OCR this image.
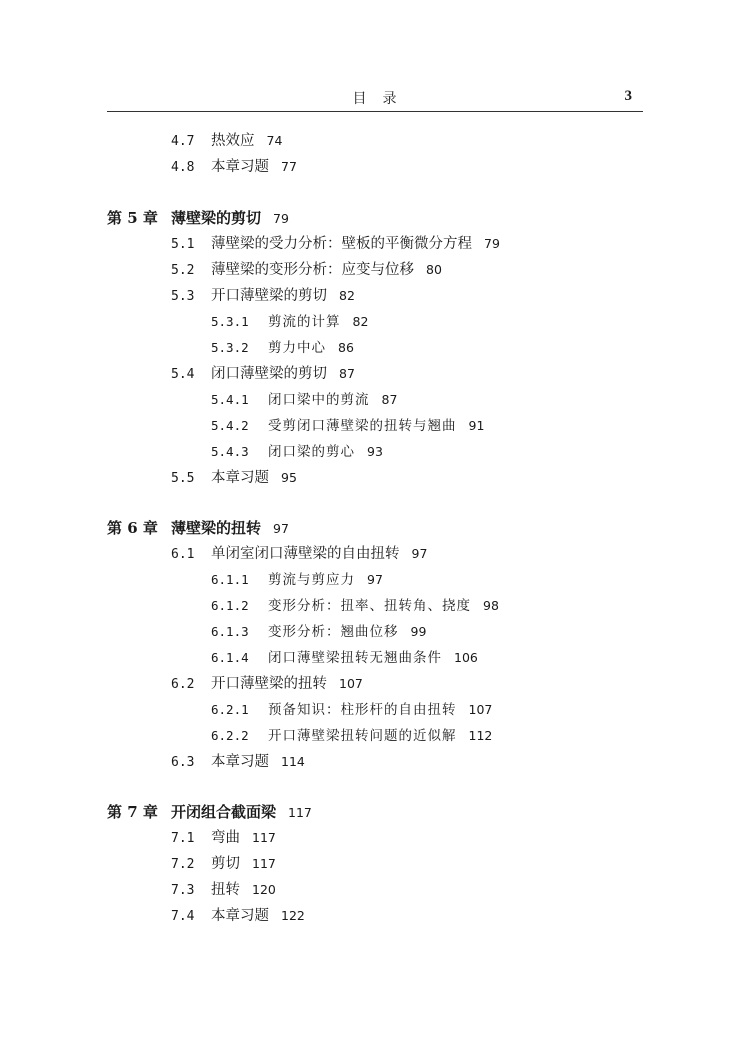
目　录	3
4.7 热效应 74
4.8 本章习题 77
第 5 章 薄壁梁的剪切 79
5.1 薄壁梁的受力分析：壁板的平衡微分方程 79
5.2 薄壁梁的变形分析：应变与位移 80
5.3 开口薄壁梁的剪切 82
5.3.1 剪流的计算 82
5.3.2 剪力中心 86
5.4 闭口薄壁梁的剪切 87
5.4.1 闭口梁中的剪流 87
5.4.2 受剪闭口薄壁梁的扭转与翘曲 91
5.4.3 闭口梁的剪心 93
5.5 本章习题 95
第 6 章 薄壁梁的扭转 97
6.1 单闭室闭口薄壁梁的自由扭转 97
6.1.1 剪流与剪应力 97
6.1.2 变形分析：扭率、扭转角、挠度 98
6.1.3 变形分析：翘曲位移 99
6.1.4 闭口薄壁梁扭转无翘曲条件 106
6.2 开口薄壁梁的扭转 107
6.2.1 预备知识：柱形杆的自由扭转 107
6.2.2 开口薄壁梁扭转问题的近似解 112
6.3 本章习题 114
第 7 章 开闭组合截面梁 117
7.1 弯曲 117
7.2 剪切 117
7.3 扭转 120
7.4 本章习题 122
